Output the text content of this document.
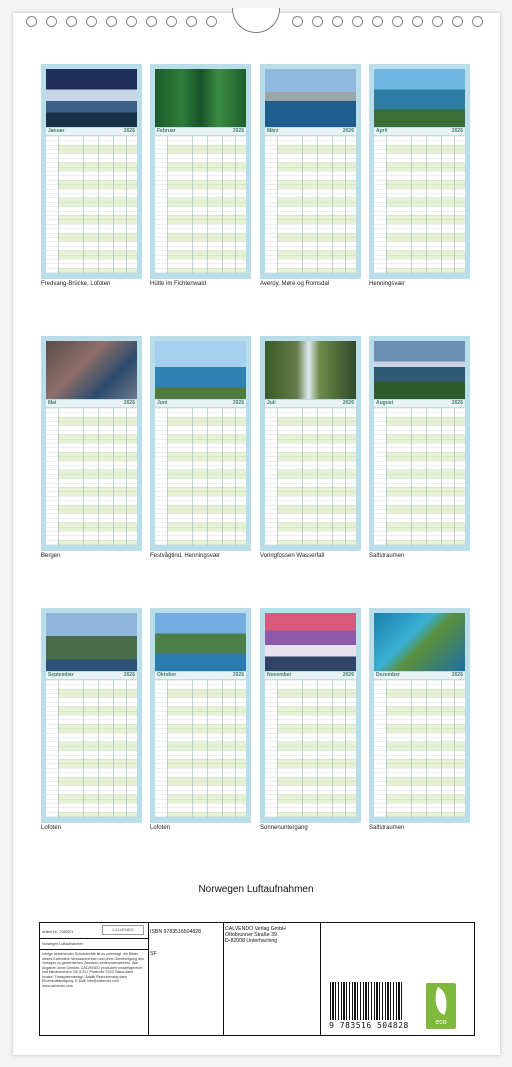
Januar	2026
Fredvang-Brücke, Lofoten
Februar	2026
Hütte im Fichtenwald
März	2026
Averoy, Møre og Romsdal
April	2026
Henningsvær
Mai	2026
Bergen
Juni	2026
Festvågtind, Henningsvær
Juli	2026
Voringfossen Wasserfall
August	2026
Saltstraumen
September	2026
Lofoten
Oktober	2026
Lofoten
November	2026
Sonnenuntergang
Dezember	2026
Saltstraumen
Norwegen Luftaufnahmen
Artikel Nr.: 2060971	CALVENDO
Norwegen Luftaufnahmen
Infolge bestehender Schutzrechte ist es untersagt, die Bilder dieses Kalenders herauszutrennen und ohne Genehmigung des Verlages zu gewerblichen Zwecken weiterzuverwenden. Alle Angaben ohne Gewähr. CALVENDO produziert bedarfsgerecht und klimaneutral in DE & EU. Pixelnote ©ICO Blanz dans tucase: Transparentseagt / Adalik Resoucenang dans Einzelzuständigung. E-Mail: info@calvendo.com · www.calvendo.com
ISBN 9783516504828
SF
CALVENDO Verlag GmbH
Ottobrunner Straße 39
D-82008 Unterhaching
9 783516 504828	eco
